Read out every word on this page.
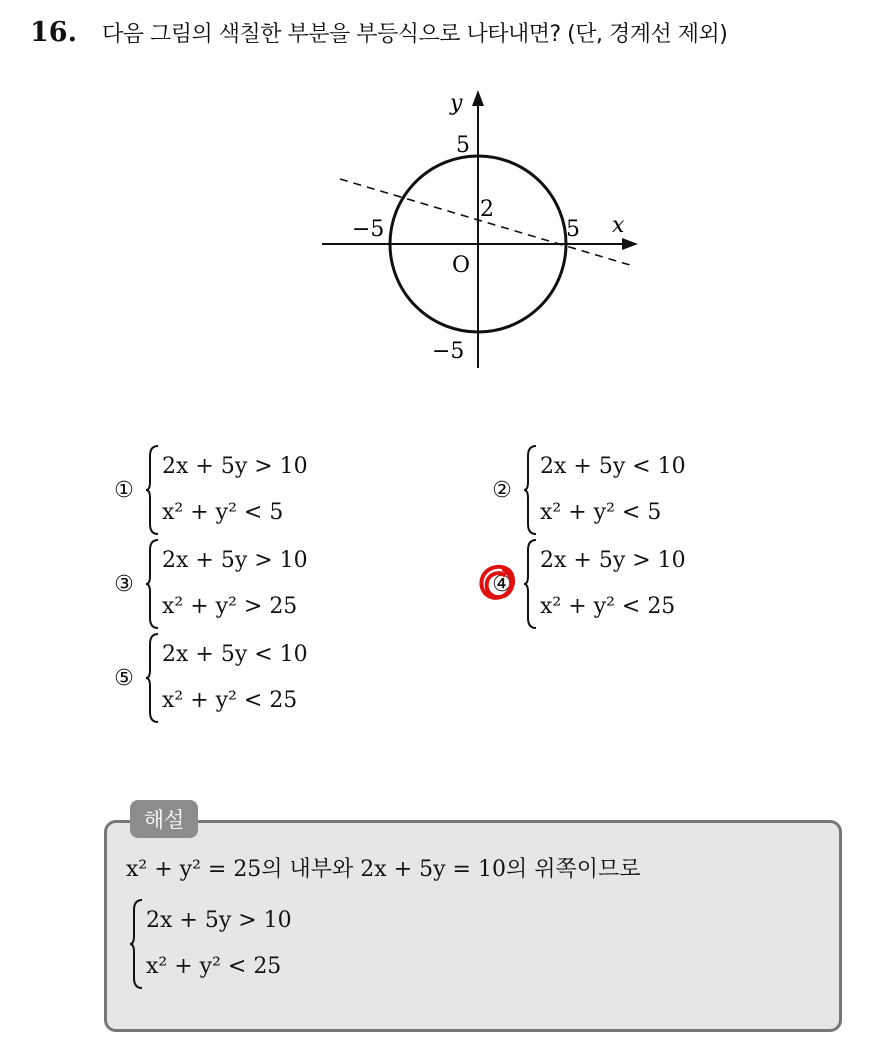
16.	다음 그림의 색칠한 부분을 부등식으로 나타내면? (단, 경계선 제외)
y
x
5
−5
−5	5
2
O
①
2x + 5y > 10
x² + y² < 5
②
2x + 5y < 10
x² + y² < 5
③
2x + 5y > 10
x² + y² > 25
④
2x + 5y > 10
x² + y² < 25
⑤
2x + 5y < 10
x² + y² < 25
해설
x² + y² = 25의 내부와 2x + 5y = 10의 위쪽이므로
2x + 5y > 10
x² + y² < 25
